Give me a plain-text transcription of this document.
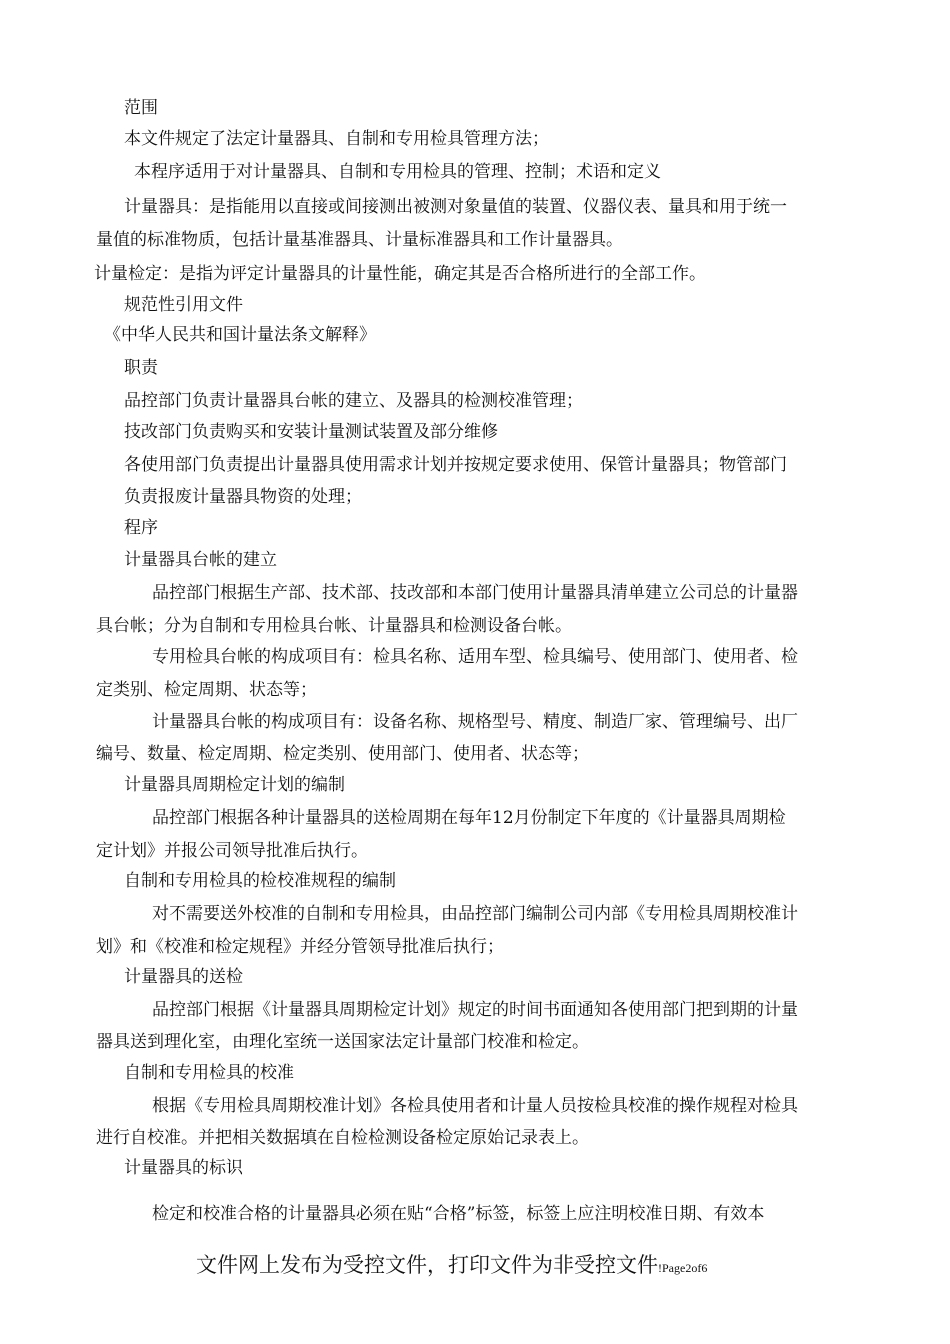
范围
本文件规定了法定计量器具、自制和专用检具管理方法；
本程序适用于对计量器具、自制和专用检具的管理、控制；术语和定义
计量器具：是指能用以直接或间接测出被测对象量值的装置、仪器仪表、量具和用于统一
量值的标准物质，包括计量基准器具、计量标准器具和工作计量器具。
计量检定：是指为评定计量器具的计量性能，确定其是否合格所进行的全部工作。
规范性引用文件
《中华人民共和国计量法条文解释》
职责
品控部门负责计量器具台帐的建立、及器具的检测校准管理；
技改部门负责购买和安装计量测试装置及部分维修
各使用部门负责提出计量器具使用需求计划并按规定要求使用、保管计量器具；物管部门
负责报废计量器具物资的处理；
程序
计量器具台帐的建立
品控部门根据生产部、技术部、技改部和本部门使用计量器具清单建立公司总的计量器
具台帐；分为自制和专用检具台帐、计量器具和检测设备台帐。
专用检具台帐的构成项目有：检具名称、适用车型、检具编号、使用部门、使用者、检
定类别、检定周期、状态等；
计量器具台帐的构成项目有：设备名称、规格型号、精度、制造厂家、管理编号、出厂
编号、数量、检定周期、检定类别、使用部门、使用者、状态等；
计量器具周期检定计划的编制
品控部门根据各种计量器具的送检周期在每年12月份制定下年度的《计量器具周期检
定计划》并报公司领导批准后执行。
自制和专用检具的检校准规程的编制
对不需要送外校准的自制和专用检具，由品控部门编制公司内部《专用检具周期校准计
划》和《校准和检定规程》并经分管领导批准后执行；
计量器具的送检
品控部门根据《计量器具周期检定计划》规定的时间书面通知各使用部门把到期的计量
器具送到理化室，由理化室统一送国家法定计量部门校准和检定。
自制和专用检具的校准
根据《专用检具周期校准计划》各检具使用者和计量人员按检具校准的操作规程对检具
进行自校准。并把相关数据填在自检检测设备检定原始记录表上。
计量器具的标识
检定和校准合格的计量器具必须在贴“合格”标签，标签上应注明校准日期、有效本
文件网上发布为受控文件，打印文件为非受控文件!Page2of6
